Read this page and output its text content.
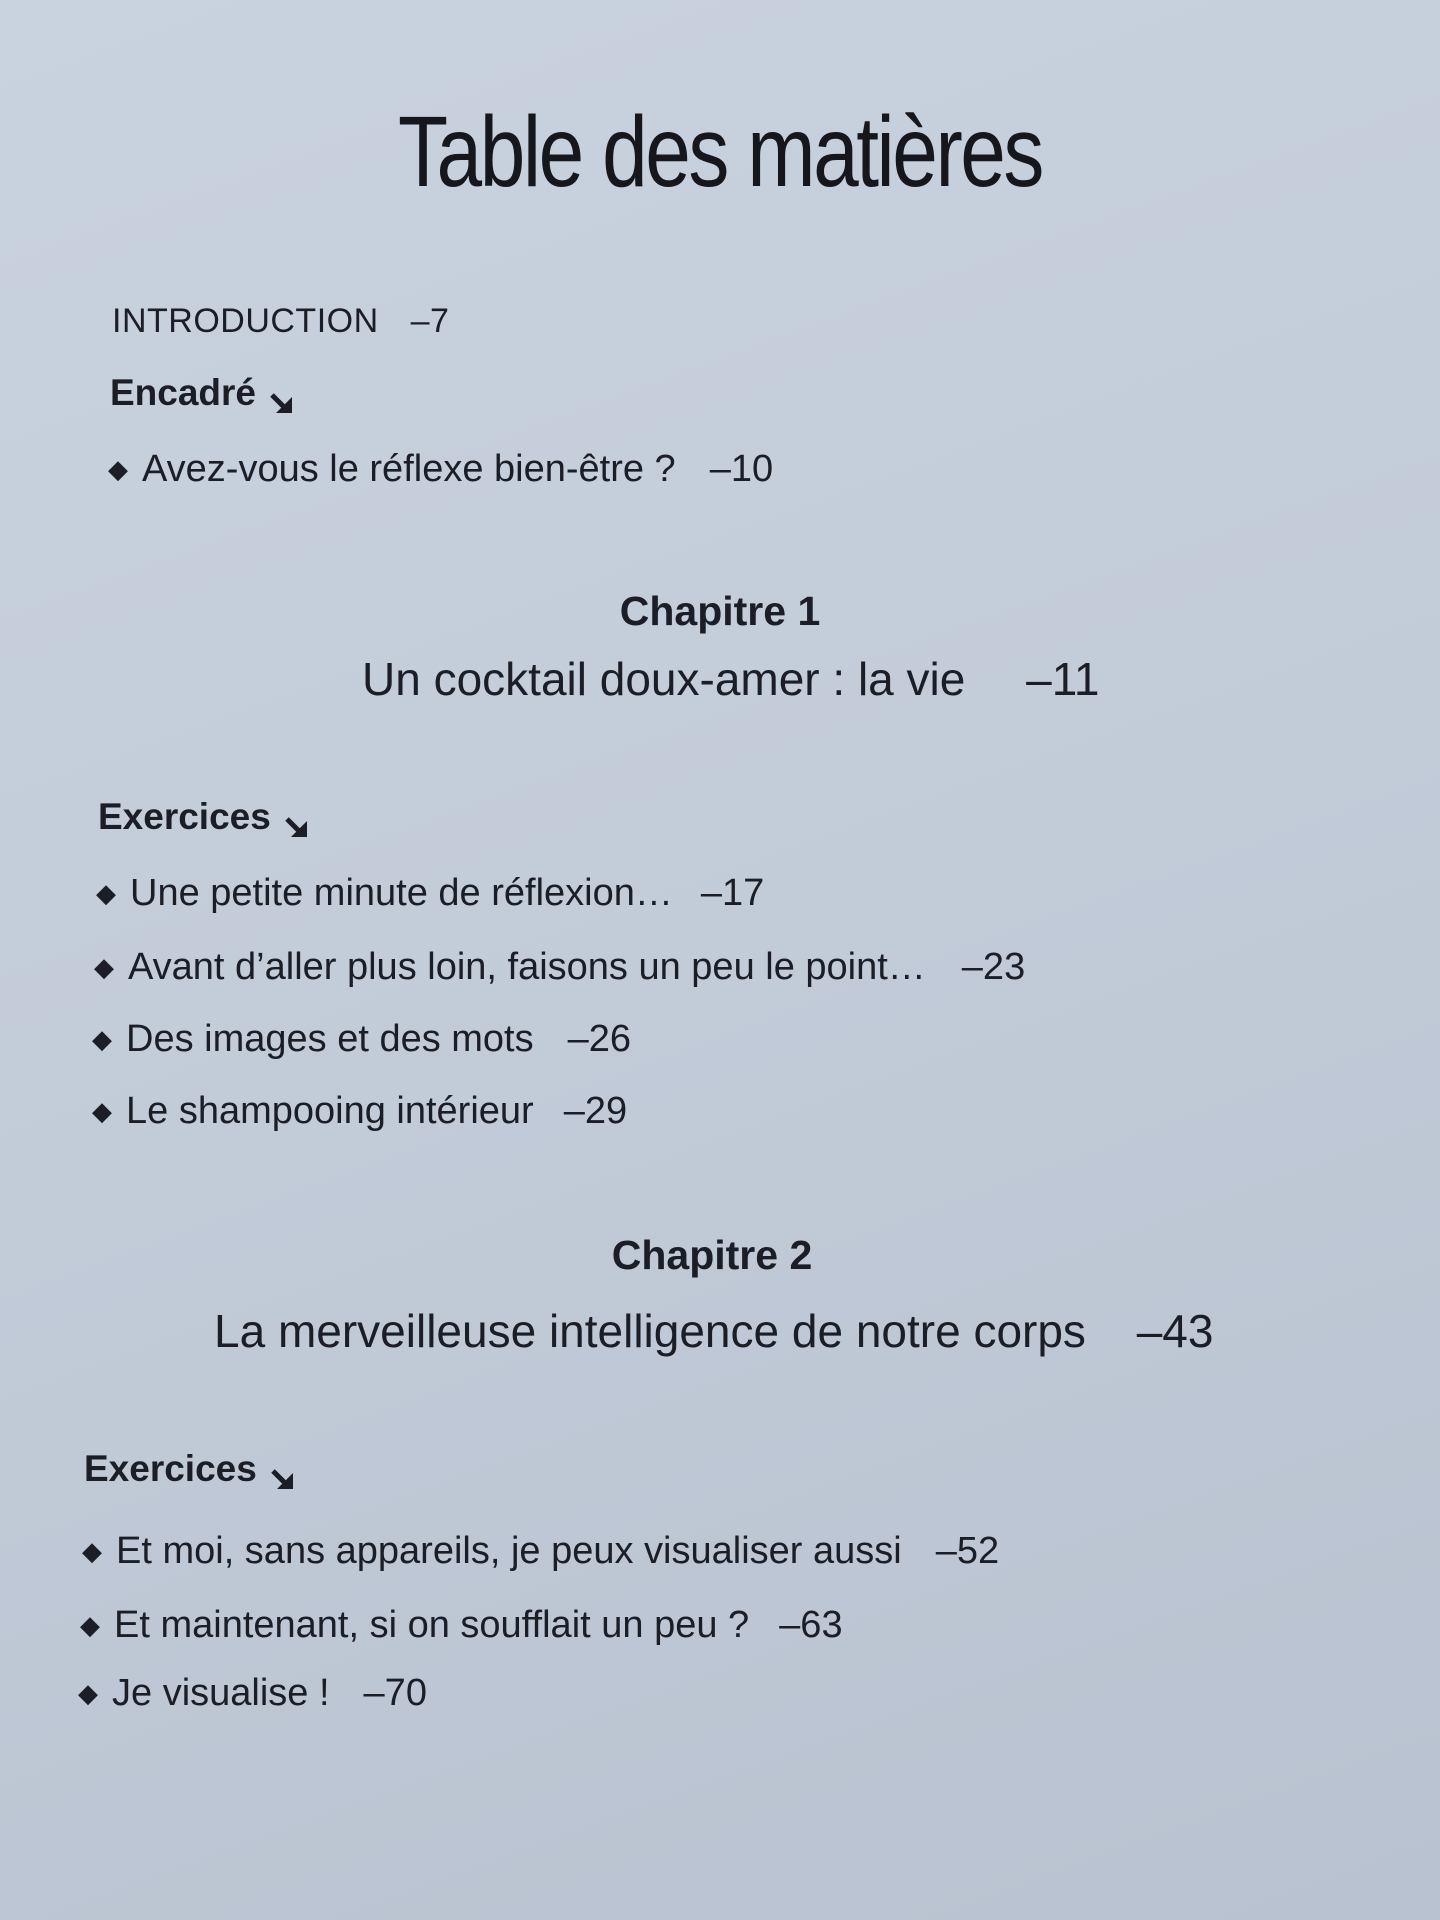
Table des matières
INTRODUCTION –7
Encadré
◆ Avez-vous le réflexe bien-être ? –10
Chapitre 1
Un cocktail doux-amer : la vie –11
Exercices
◆ Une petite minute de réflexion… –17
◆ Avant d’aller plus loin, faisons un peu le point… –23
◆ Des images et des mots –26
◆ Le shampooing intérieur –29
Chapitre 2
La merveilleuse intelligence de notre corps –43
Exercices
◆ Et moi, sans appareils, je peux visualiser aussi –52
◆ Et maintenant, si on soufflait un peu ? –63
◆ Je visualise ! –70
